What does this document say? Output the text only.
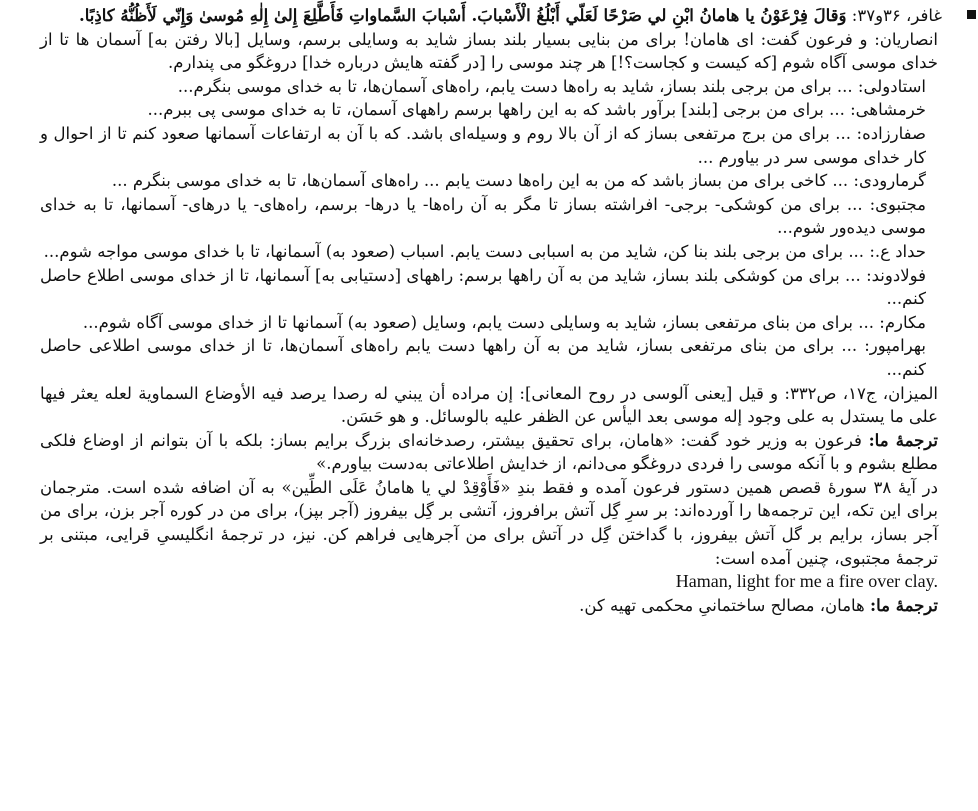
غافر، ۳۶و۳۷: وَقالَ فِرْعَوْنُ يا هامانُ ابْنِ لي صَرْحًا لَعَلّي أَبْلُغُ الْأَسْبابَ. أَسْبابَ السَّماواتِ فَأَطَّلِعَ إِلىٰ إِلٰهِ مُوسىٰ وَإِنّي لَأَظُنُّهُ كاذِبًا.
انصاریان: و فرعون گفت: ای هامان! برای من بنایی بسیار بلند بساز شاید به وسایلی برسم، وسایل [بالا رفتن به] آسمان ها تا از خدای موسی آگاه شوم [که کیست و کجاست؟!] هر چند موسی را [در گفته هایش درباره خدا] دروغگو می پندارم.
استادولی: ... برای من برجی بلند بساز، شاید به راه‌ها دست یابم، راه‌های آسمان‌ها، تا به خدای موسی بنگرم...
خرمشاهی: ... برای من برجی [بلند] برآور باشد که به این راهها برسم راههای آسمان، تا به خدای موسی پی ببرم...
صفارزاده: ... برای من برج مرتفعی بساز که از آن بالا روم و وسیله‌ای باشد. که با آن به ارتفاعات آسمانها صعود کنم تا از احوال و کار خدای موسی سر در بیاورم ...
گرمارودی: ... کاخی برای من بساز باشد که من به این راه‌ها دست یابم ... راه‌های آسمان‌ها، تا به خدای موسی بنگرم ...
مجتبوی: ... برای من کوشکی- برجی- افراشته بساز تا مگر به آن راه‌ها- یا درها- برسم، راه‌های- یا درهای- آسمانها، تا به خدای موسی دیده‌ور شوم...
حداد ع.: ... برای من برجی بلند بنا کن، شاید من به اسبابی دست یابم. اسباب (صعود به) آسمانها، تا با خدای موسی مواجه شوم...
فولادوند: ... برای من کوشکی بلند بساز، شاید من به آن راهها برسم: راههای [دستیابی به] آسمانها، تا از خدای موسی اطلاع حاصل کنم...
مکارم: ... برای من بنای مرتفعی بساز، شاید به وسایلی دست یابم، وسایل (صعود به) آسمانها تا از خدای موسی آگاه شوم...
بهرامپور: ... برای من بنای مرتفعی بساز، شاید من به آن راهها دست یابم راه‌های آسمان‌ها، تا از خدای موسی اطلاعی حاصل کنم...
المیزان، ج۱۷، ص۳۳۲: و قیل [یعنی آلوسی در روح المعانی]: إن مراده أن يبني له رصدا يرصد فيه الأوضاع السماوية لعله يعثر فيها على ما يستدل به على وجود إله موسى بعد اليأس عن الظفر عليه بالوسائل. و هو حَسَن.
ترجمهٔ ما: فرعون به وزیر خود گفت: «هامان، برای تحقیق بیشتر، رصدخانه‌ای بزرگ برایم بساز: بلکه با آن بتوانم از اوضاع فلکی مطلع بشوم و با آنکه موسی را فردی دروغگو می‌دانم، از خدایش اطلاعاتی به‌دست بیاورم.»
در آیهٔ ۳۸ سورهٔ قصص همین دستور فرعون آمده و فقط بندِ «فَأَوْقِدْ لي يا هامانُ عَلَى الطِّين» به آن اضافه شده است. مترجمان برای این تکه، این ترجمه‌ها را آورده‌اند: بر سرِ گِل آتش برافروز، آتشی بر گِل بیفروز (آجر بپز)، برای من در کوره آجر بزن، برای من آجر بساز، برایم بر گل آتش بیفروز، با گداختن گِل در آتش برای من آجرهایی فراهم کن. نیز، در ترجمهٔ انگلیسیِ قرایی، مبتنی بر ترجمهٔ مجتبوی، چنین آمده است:
Haman, light for me a fire over clay.
ترجمهٔ ما: هامان، مصالح ساختمانیِ محکمی تهیه کن.
